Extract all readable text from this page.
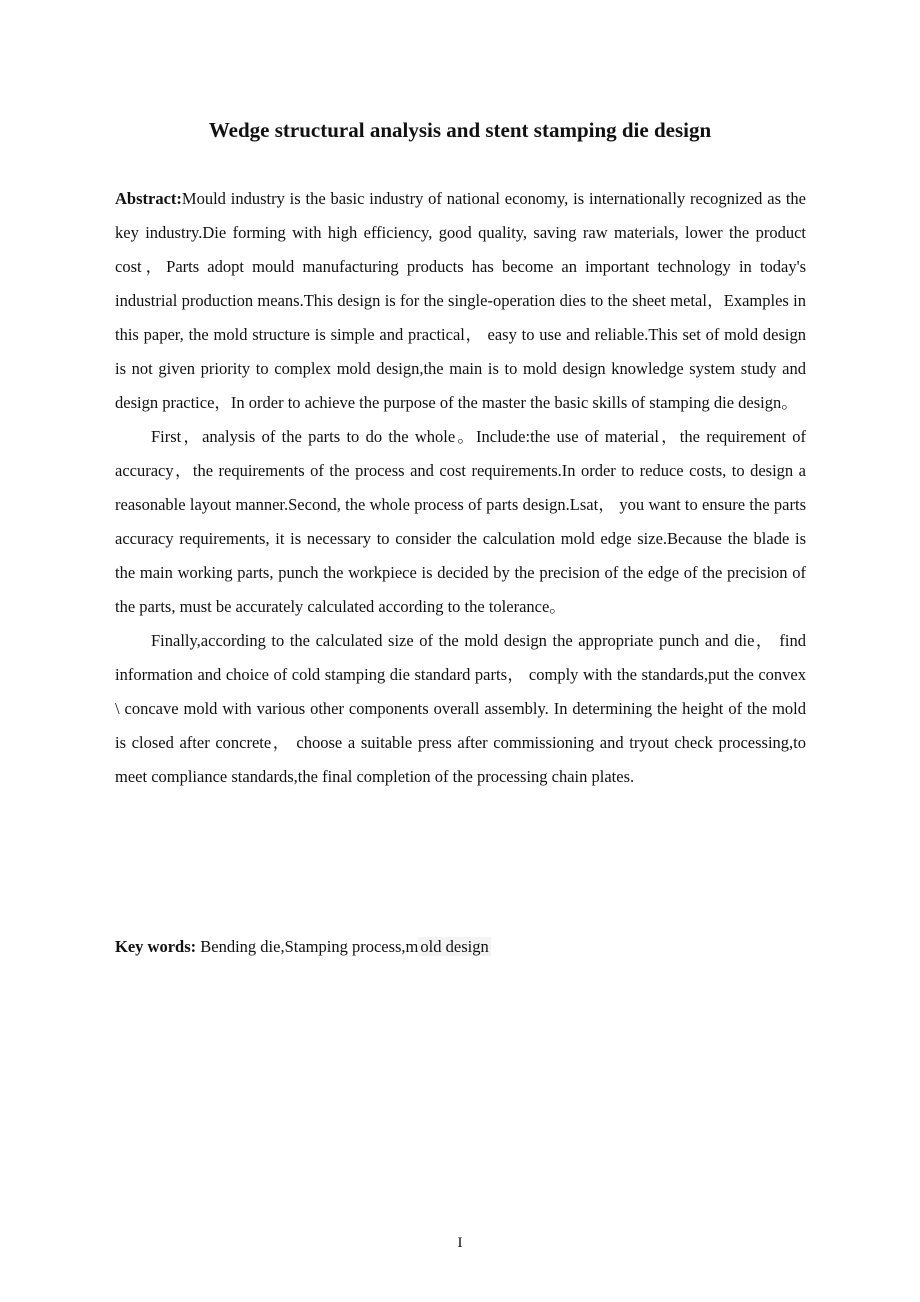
Wedge structural analysis and stent stamping die design

Abstract:Mould industry is the basic industry of national economy, is internationally recognized as the key industry.Die forming with high efficiency, good quality, saving raw materials, lower the product cost，Parts adopt mould manufacturing products has become an important technology in today's industrial production means.This design is for the single-operation dies to the sheet metal，Examples in this paper, the mold structure is simple and practical， easy to use and reliable.This set of mold design is not given priority to complex mold design,the main is to mold design knowledge system study and design practice，In order to achieve the purpose of the master the basic skills of stamping die design。

First，analysis of the parts to do the whole。Include:the use of material，the requirement of accuracy，the requirements of the process and cost requirements.In order to reduce costs, to design a reasonable layout manner.Second, the whole process of parts design.Lsat， you want to ensure the parts accuracy requirements, it is necessary to consider the calculation mold edge size.Because the blade is the main working parts, punch the workpiece is decided by the precision of the edge of the precision of the parts, must be accurately calculated according to the tolerance。

Finally,according to the calculated size of the mold design the appropriate punch and die， find information and choice of cold stamping die standard parts， comply with the standards,put the convex \ concave mold with various other components overall assembly. In determining the height of the mold is closed after concrete， choose a suitable press after commissioning and tryout check processing,to meet compliance standards,the final completion of the processing chain plates.

Key words: Bending die,Stamping process,m old design

I
